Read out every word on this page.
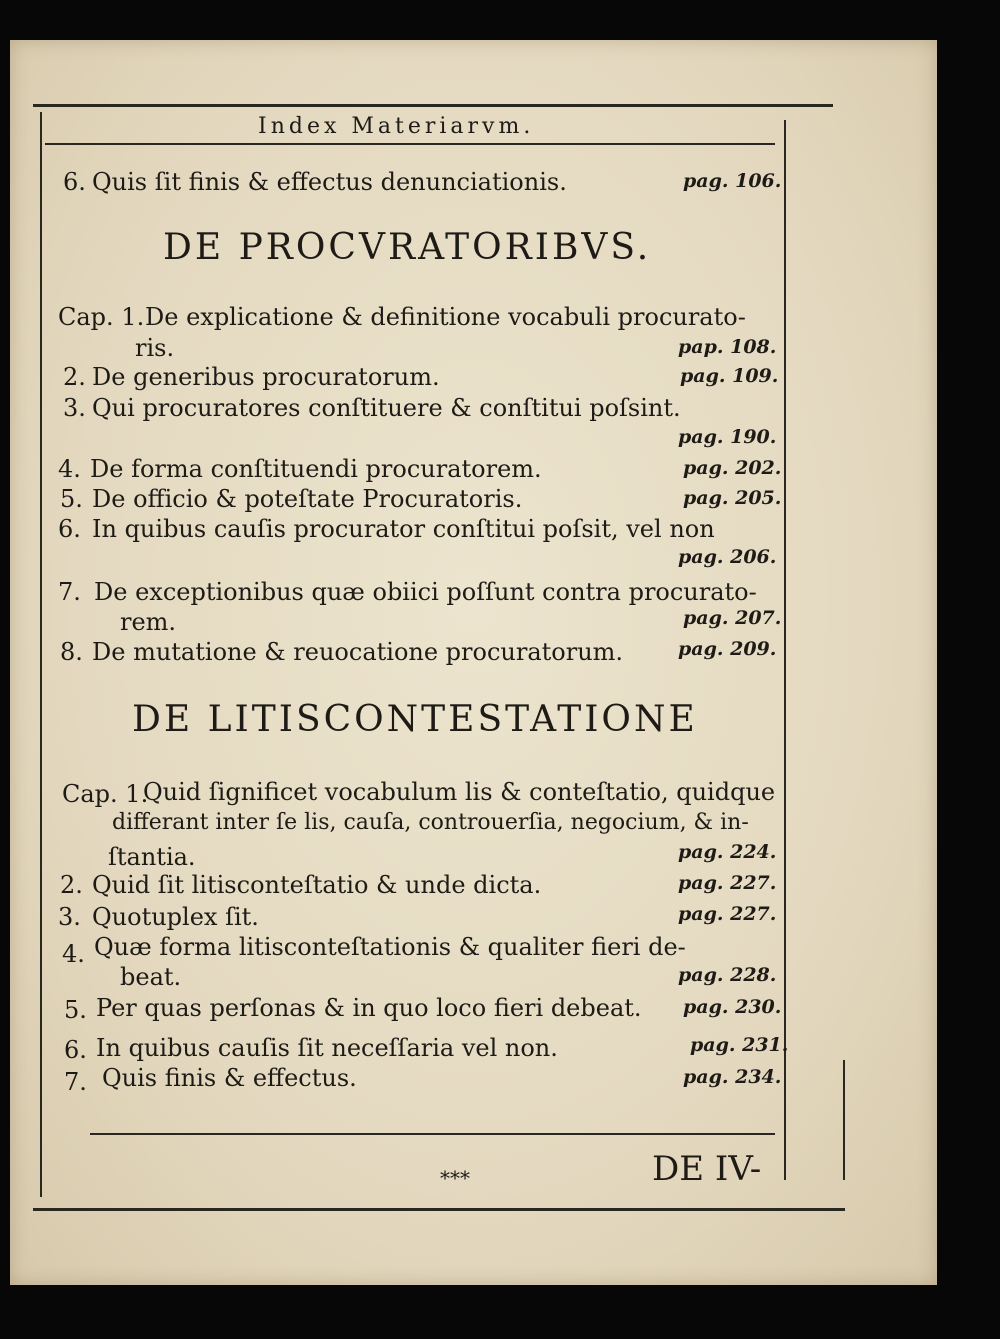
Index Materiarvm.
6. Quis ſit finis & effectus denunciationis.	pag. 106.
DE PROCVRATORIBVS.
Cap. 1. De explicatione & definitione vocabuli procurato-
ris.	pap. 108.
2. De generibus procuratorum.	pag. 109.
3. Qui procuratores conſtituere & conſtitui poſsint.
pag. 190.
4. De forma conſtituendi procuratorem.	pag. 202.
5. De officio & poteſtate Procuratoris.	pag. 205.
6. In quibus cauſis procurator conſtitui poſsit, vel non
pag. 206.
7. De exceptionibus quæ obiici poſſunt contra procurato-
rem.	pag. 207.
8. De mutatione & reuocatione procuratorum.	pag. 209.
DE LITISCONTESTATIONE
Cap. 1.
Quid ſignificet vocabulum lis & conteſtatio, quidque
differant inter ſe lis, cauſa, controuerſia, negocium, & in-
ſtantia.	pag. 224.
2. Quid ſit litisconteſtatio & unde dicta.	pag. 227.
3. Quotuplex ſit.	pag. 227.
4. Quæ forma litisconteſtationis & qualiter fieri de-
beat.	pag. 228.
5. Per quas perſonas & in quo loco fieri debeat. pag. 230.
6. In quibus cauſis ſit neceſſaria vel non.	pag. 231.
7. Quis finis & effectus.	pag. 234.
***	DE IV-
